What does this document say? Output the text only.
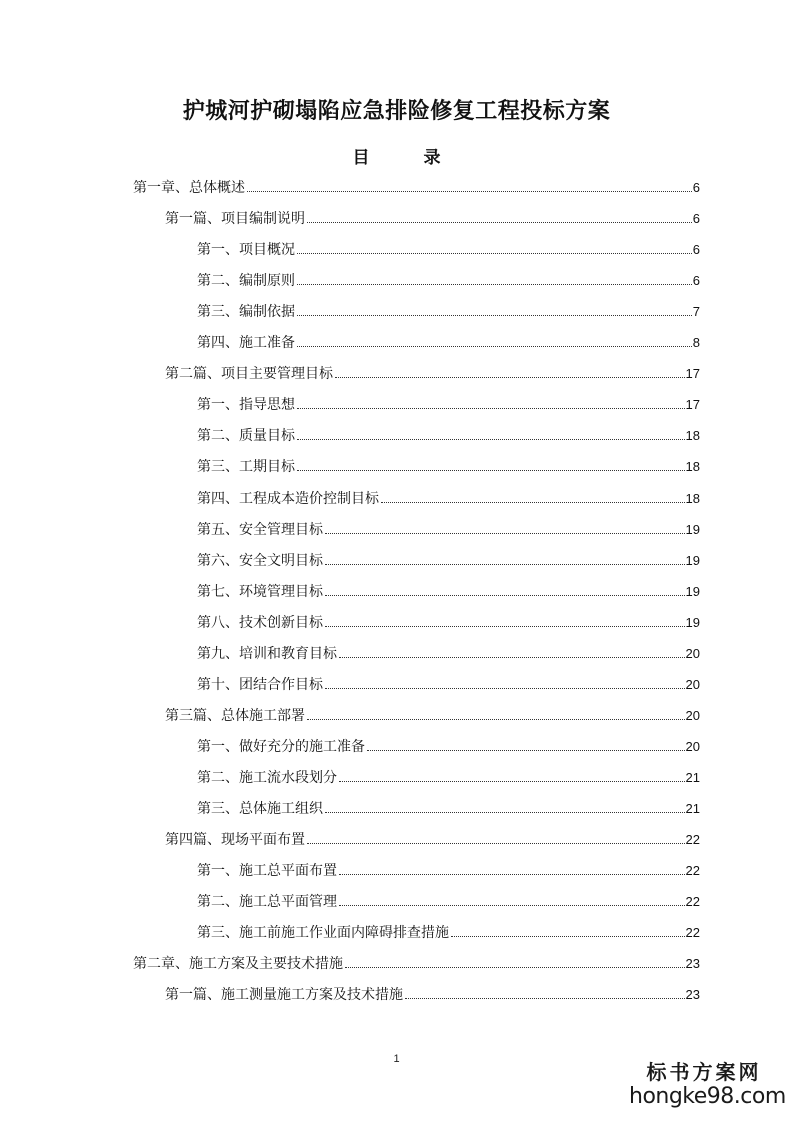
护城河护砌塌陷应急排险修复工程投标方案
目 录
第一章、总体概述	6
第一篇、项目编制说明	6
第一、项目概况	6
第二、编制原则	6
第三、编制依据	7
第四、施工准备	8
第二篇、项目主要管理目标	17
第一、指导思想	17
第二、质量目标	18
第三、工期目标	18
第四、工程成本造价控制目标	18
第五、安全管理目标	19
第六、安全文明目标	19
第七、环境管理目标	19
第八、技术创新目标	19
第九、培训和教育目标	20
第十、团结合作目标	20
第三篇、总体施工部署	20
第一、做好充分的施工准备	20
第二、施工流水段划分	21
第三、总体施工组织	21
第四篇、现场平面布置	22
第一、施工总平面布置	22
第二、施工总平面管理	22
第三、施工前施工作业面内障碍排查措施	22
第二章、施工方案及主要技术措施	23
第一篇、施工测量施工方案及技术措施	23
1
标书方案网
hongke98.com
